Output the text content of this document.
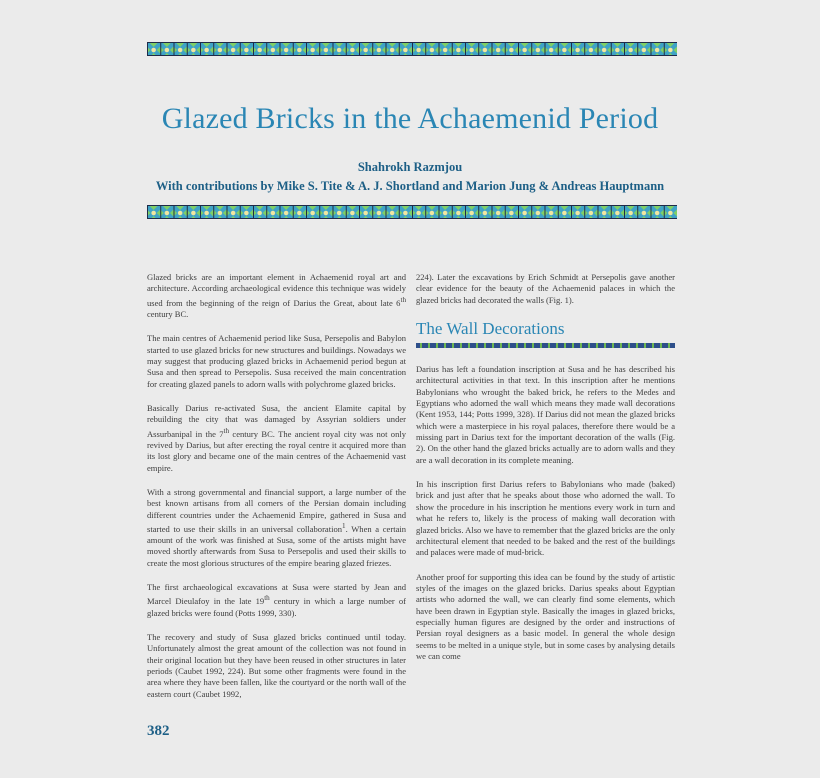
Glazed Bricks in the Achaemenid Period
Shahrokh Razmjou
With contributions by Mike S. Tite & A. J. Shortland and Marion Jung & Andreas Hauptmann

Glazed bricks are an important element in Achaemenid royal art and architecture. According archaeological evidence this technique was widely used from the beginning of the reign of Darius the Great, about late 6th century BC.

The main centres of Achaemenid period like Susa, Persepolis and Babylon started to use glazed bricks for new structures and buildings. Nowadays we may suggest that producing glazed bricks in Achaemenid period begun at Susa and then spread to Persepolis. Susa received the main concentration for creating glazed panels to adorn walls with polychrome glazed bricks.

Basically Darius re-activated Susa, the ancient Elamite capital by rebuilding the city that was damaged by Assyrian soldiers under Assurbanipal in the 7th century BC. The ancient royal city was not only revived by Darius, but after erecting the royal centre it acquired more than its lost glory and became one of the main centres of the Achaemenid vast empire.

With a strong governmental and financial support, a large number of the best known artisans from all corners of the Persian domain including different countries under the Achaemenid Empire, gathered in Susa and started to use their skills in an universal collaboration$^1$. When a certain amount of the work was finished at Susa, some of the artists might have moved shortly afterwards from Susa to Persepolis and used their skills to create the most glorious structures of the empire bearing glazed friezes.

The first archaeological excavations at Susa were started by Jean and Marcel Dieulafoy in the late 19th century in which a large number of glazed bricks were found (Potts 1999, 330).

The recovery and study of Susa glazed bricks continued until today. Unfortunately almost the great amount of the collection was not found in their original location but they have been reused in other structures in later periods (Caubet 1992, 224). But some other fragments were found in the area where they have been fallen, like the courtyard or the north wall of the eastern court (Caubet 1992,

224). Later the excavations by Erich Schmidt at Persepolis gave another clear evidence for the beauty of the Achaemenid palaces in which the glazed bricks had decorated the walls (Fig. 1).

The Wall Decorations

Darius has left a foundation inscription at Susa and he has described his architectural activities in that text. In this inscription after he mentions Babylonians who wrought the baked brick, he refers to the Medes and Egyptians who adorned the wall which means they made wall decorations (Kent 1953, 144; Potts 1999, 328). If Darius did not mean the glazed bricks which were a masterpiece in his royal palaces, therefore there would be a missing part in Darius text for the important decoration of the walls (Fig. 2). On the other hand the glazed bricks actually are to adorn walls and they are a wall decoration in its complete meaning.

In his inscription first Darius refers to Babylonians who made (baked) brick and just after that he speaks about those who adorned the wall. To show the procedure in his inscription he mentions every work in turn and what he refers to, likely is the process of making wall decoration with glazed bricks. Also we have to remember that the glazed bricks are the only architectural element that needed to be baked and the rest of the buildings and palaces were made of mud-brick.

Another proof for supporting this idea can be found by the study of artistic styles of the images on the glazed bricks. Darius speaks about Egyptian artists who adorned the wall, we can clearly find some elements, which have been drawn in Egyptian style. Basically the images in glazed bricks, especially human figures are designed by the order and instructions of Persian royal designers as a basic model. In general the whole design seems to be melted in a unique style, but in some cases by analysing details we can come

382
